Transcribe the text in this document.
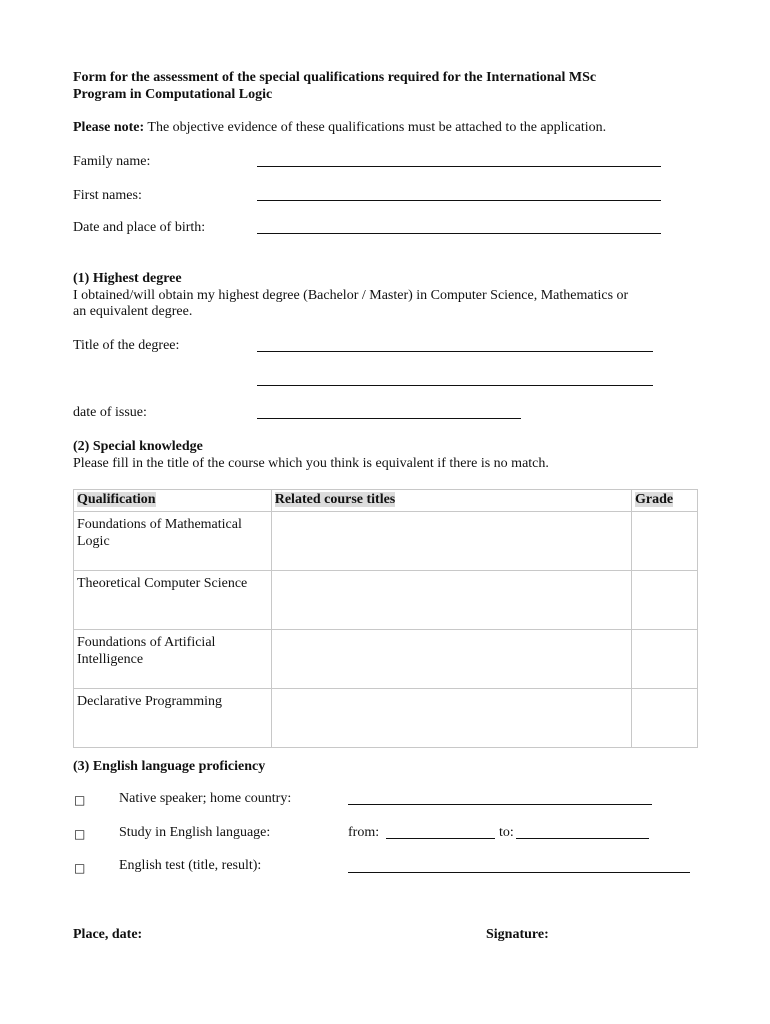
Form for the assessment of the special qualifications required for the International MSc
Program in Computational Logic
Please note: The objective evidence of these qualifications must be attached to the application.
Family name:
First names:
Date and place of birth:
(1) Highest degree
I obtained/will obtain my highest degree (Bachelor / Master) in Computer Science, Mathematics or
an equivalent degree.
Title of the degree:
date of issue:
(2) Special knowledge
Please fill in the title of the course which you think is equivalent if there is no match.
Qualification	Related course titles	Grade
Foundations of Mathematical Logic		
Theoretical Computer Science		
Foundations of Artificial Intelligence		
Declarative Programming		
(3) English language proficiency
□ Native speaker; home country:
□ Study in English language:	from:	to:
□ English test (title, result):
Place, date:	Signature:
